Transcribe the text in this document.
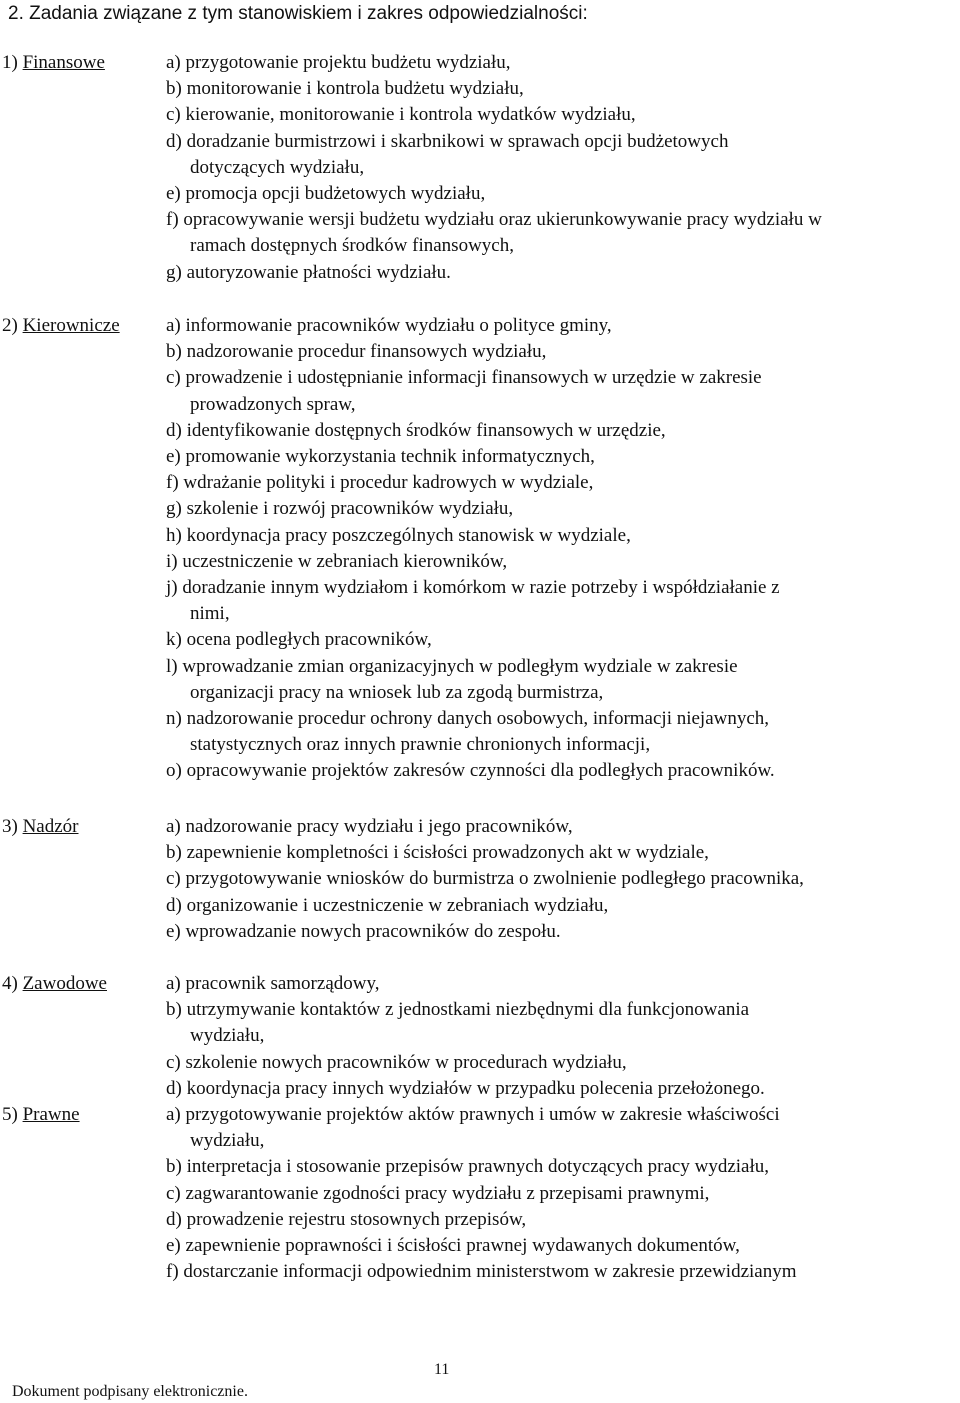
2. Zadania związane z tym stanowiskiem i zakres odpowiedzialności:
1) Finansowe	a) przygotowanie projektu budżetu wydziału,
b) monitorowanie i kontrola budżetu wydziału,
c) kierowanie, monitorowanie i kontrola wydatków wydziału,
d) doradzanie burmistrzowi i skarbnikowi w sprawach opcji budżetowych
dotyczących wydziału,
e) promocja opcji budżetowych wydziału,
f) opracowywanie wersji budżetu wydziału oraz ukierunkowywanie pracy wydziału w
ramach dostępnych środków finansowych,
g) autoryzowanie płatności wydziału.
2) Kierownicze a) informowanie pracowników wydziału o polityce gminy,
b) nadzorowanie procedur finansowych wydziału,
c) prowadzenie i udostępnianie informacji finansowych w urzędzie w zakresie
prowadzonych spraw,
d) identyfikowanie dostępnych środków finansowych w urzędzie,
e) promowanie wykorzystania technik informatycznych,
f) wdrażanie polityki i procedur kadrowych w wydziale,
g) szkolenie i rozwój pracowników wydziału,
h) koordynacja pracy poszczególnych stanowisk w wydziale,
i) uczestniczenie w zebraniach kierowników,
j) doradzanie innym wydziałom i komórkom w razie potrzeby i współdziałanie z
nimi,
k) ocena podległych pracowników,
l) wprowadzanie zmian organizacyjnych w podległym wydziale w zakresie
organizacji pracy na wniosek lub za zgodą burmistrza,
n) nadzorowanie procedur ochrony danych osobowych, informacji niejawnych,
statystycznych oraz innych prawnie chronionych informacji,
o) opracowywanie projektów zakresów czynności dla podległych pracowników.
3) Nadzór	a) nadzorowanie pracy wydziału i jego pracowników,
b) zapewnienie kompletności i ścisłości prowadzonych akt w wydziale,
c) przygotowywanie wniosków do burmistrza o zwolnienie podległego pracownika,
d) organizowanie i uczestniczenie w zebraniach wydziału,
e) wprowadzanie nowych pracowników do zespołu.
4) Zawodowe	a) pracownik samorządowy,
b) utrzymywanie kontaktów z jednostkami niezbędnymi dla funkcjonowania
wydziału,
c) szkolenie nowych pracowników w procedurach wydziału,
d) koordynacja pracy innych wydziałów w przypadku polecenia przełożonego.
5) Prawne	a) przygotowywanie projektów aktów prawnych i umów w zakresie właściwości
wydziału,
b) interpretacja i stosowanie przepisów prawnych dotyczących pracy wydziału,
c) zagwarantowanie zgodności pracy wydziału z przepisami prawnymi,
d) prowadzenie rejestru stosownych przepisów,
e) zapewnienie poprawności i ścisłości prawnej wydawanych dokumentów,
f) dostarczanie informacji odpowiednim ministerstwom w zakresie przewidzianym
11
Dokument podpisany elektronicznie.
